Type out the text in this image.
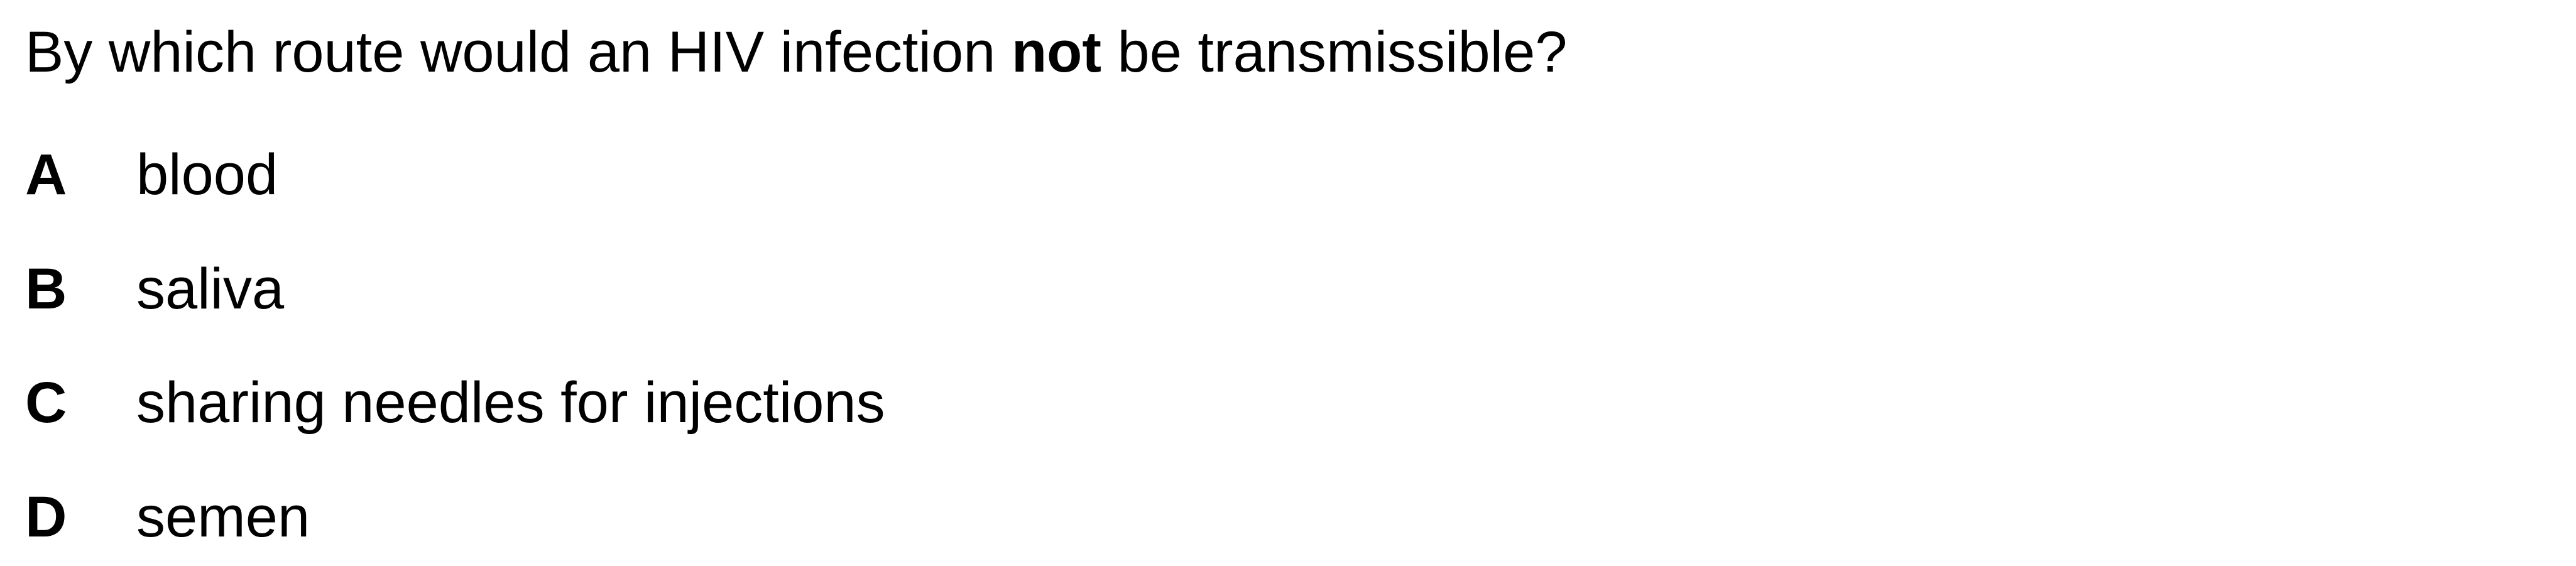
By which route would an HIV infection not be transmissible?
A blood
B saliva
C sharing needles for injections
D semen
